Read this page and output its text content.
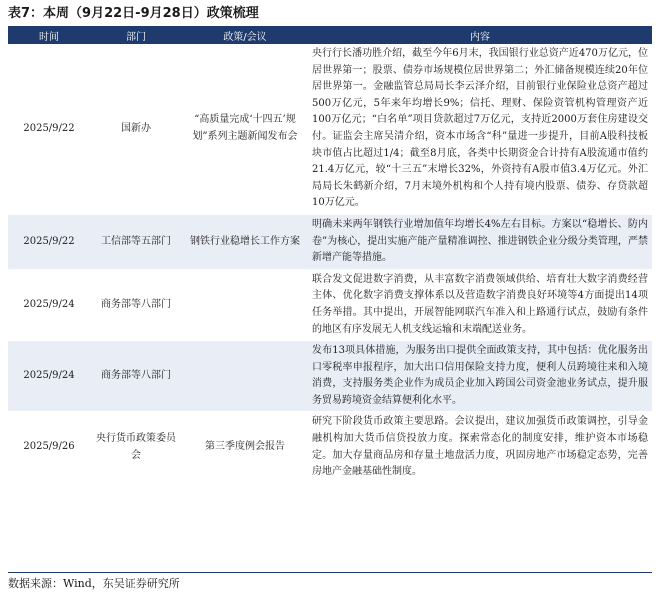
表7：本周（9月22日-9月28日）政策梳理
时间	部门	政策/会议	内容
2025/9/22	国新办	“高质量完成‘十四五’规划”系列主题新闻发布会	央行行长潘功胜介绍，截至今年6月末，我国银行业总资产近470万亿元，位居世界第一；股票、债券市场规模位居世界第二；外汇储备规模连续20年位居世界第一。金融监管总局局长李云泽介绍，目前银行业保险业总资产超过500万亿元，5年来年均增长9%；信托、理财、保险资管机构管理资产近100万亿元；“白名单”项目贷款超过7万亿元，支持近2000万套住房建设交付。证监会主席吴清介绍，资本市场含“科”量进一步提升，目前A股科技板块市值占比超过1/4；截至8月底，各类中长期资金合计持有A股流通市值约21.4万亿元，较“十三五”末增长32%，外资持有A股市值3.4万亿元。外汇局局长朱鹤新介绍，7月末境外机构和个人持有境内股票、债券、存贷款超10万亿元。
2025/9/22	工信部等五部门	钢铁行业稳增长工作方案	明确未来两年钢铁行业增加值年均增长4%左右目标。方案以“稳增长、防内卷”为核心，提出实施产能产量精准调控、推进钢铁企业分级分类管理，严禁新增产能等措施。
2025/9/24	商务部等八部门		联合发文促进数字消费，从丰富数字消费领域供给、培育壮大数字消费经营主体、优化数字消费支撑体系以及营造数字消费良好环境等4方面提出14项任务举措。其中提出，开展智能网联汽车准入和上路通行试点，鼓励有条件的地区有序发展无人机支线运输和末端配送业务。
2025/9/24	商务部等八部门		发布13项具体措施，为服务出口提供全面政策支持，其中包括：优化服务出口零税率申报程序，加大出口信用保险支持力度，便利人员跨境往来和入境消费，支持服务类企业作为成员企业加入跨国公司资金池业务试点，提升服务贸易跨境资金结算便利化水平。
2025/9/26	央行货币政策委员会	第三季度例会报告	研究下阶段货币政策主要思路。会议提出，建议加强货币政策调控，引导金融机构加大货币信贷投放力度。探索常态化的制度安排，维护资本市场稳定。加大存量商品房和存量土地盘活力度，巩固房地产市场稳定态势，完善房地产金融基础性制度。
数据来源：Wind，东吴证券研究所
